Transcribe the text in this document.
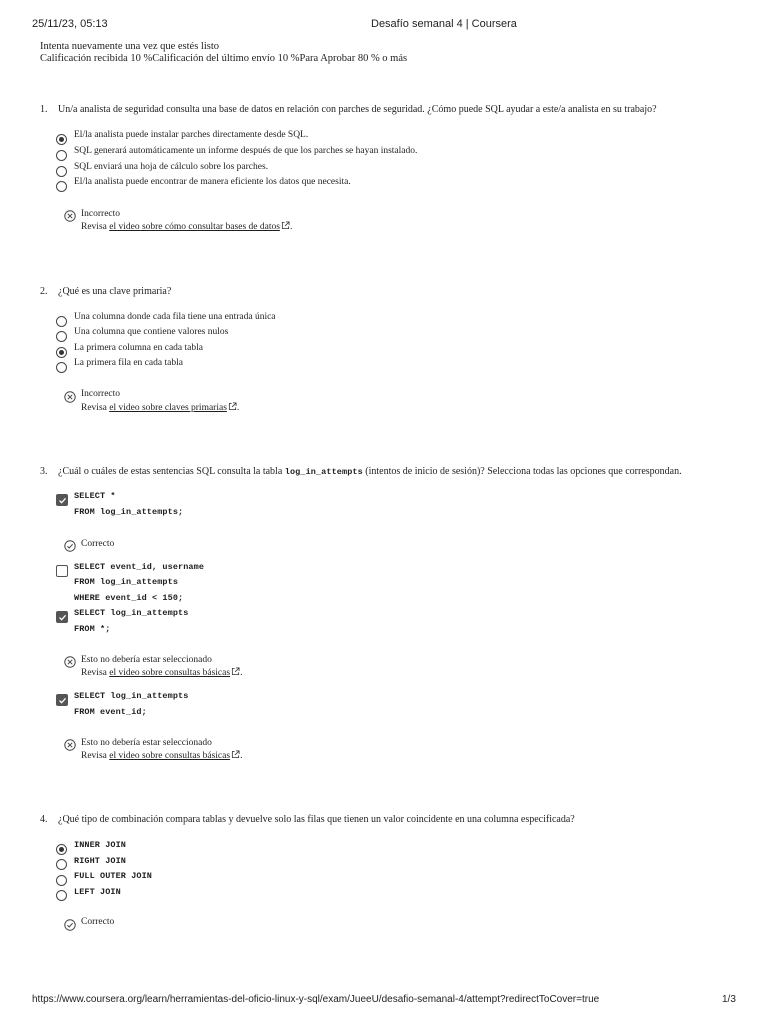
25/11/23, 05:13	Desafío semanal 4 | Coursera
Intenta nuevamente una vez que estés listo
Calificación recibida 10 %Calificación del último envío 10 %Para Aprobar 80 % o más
1. Un/a analista de seguridad consulta una base de datos en relación con parches de seguridad. ¿Cómo puede SQL ayudar a este/a analista en su trabajo?
El/la analista puede instalar parches directamente desde SQL.
SQL generará automáticamente un informe después de que los parches se hayan instalado.
SQL enviará una hoja de cálculo sobre los parches.
El/la analista puede encontrar de manera eficiente los datos que necesita.
Incorrecto
Revisa el video sobre cómo consultar bases de datos .
2. ¿Qué es una clave primaria?
Una columna donde cada fila tiene una entrada única
Una columna que contiene valores nulos
La primera columna en cada tabla
La primera fila en cada tabla
Incorrecto
Revisa el video sobre claves primarias .
3. ¿Cuál o cuáles de estas sentencias SQL consulta la tabla log_in_attempts (intentos de inicio de sesión)? Selecciona todas las opciones que correspondan.
SELECT *
FROM log_in_attempts;
Correcto
SELECT event_id, username
FROM log_in_attempts
WHERE event_id < 150;
SELECT log_in_attempts
FROM *;
Esto no debería estar seleccionado
Revisa el video sobre consultas básicas .
SELECT log_in_attempts
FROM event_id;
Esto no debería estar seleccionado
Revisa el video sobre consultas básicas .
4. ¿Qué tipo de combinación compara tablas y devuelve solo las filas que tienen un valor coincidente en una columna especificada?
INNER JOIN
RIGHT JOIN
FULL OUTER JOIN
LEFT JOIN
Correcto
https://www.coursera.org/learn/herramientas-del-oficio-linux-y-sql/exam/JueeU/desafio-semanal-4/attempt?redirectToCover=true	1/3
